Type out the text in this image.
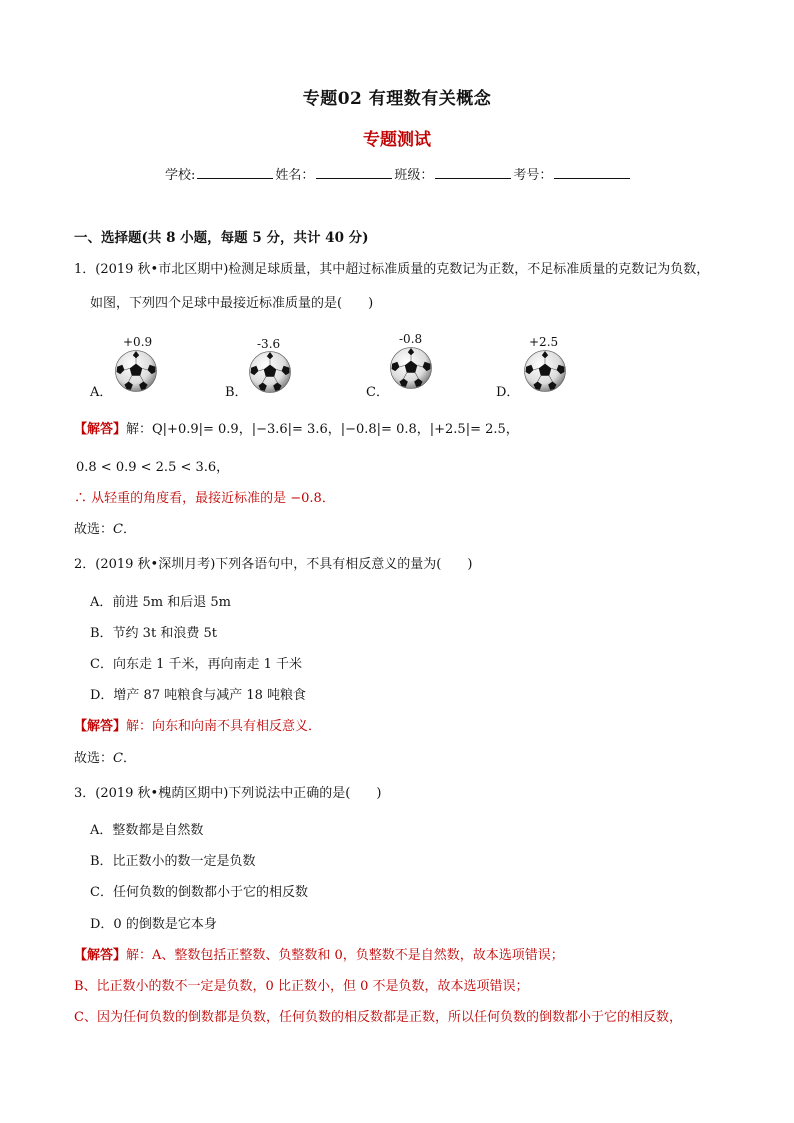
专题02 有理数有关概念
专题测试
学校:	姓名：	班级：	考号：
一、选择题(共 8 小题，每题 5 分，共计 40 分)
1．(2019 秋•市北区期中)检测足球质量，其中超过标准质量的克数记为正数，不足标准质量的克数记为负数，
如图，下列四个足球中最接近标准质量的是(　　)
A．
+0.9
B．
-3.6
C．
-0.8
D．
+2.5
【解答】解：Q|+0.9|= 0.9，|−3.6|= 3.6，|−0.8|= 0.8，|+2.5|= 2.5，
0.8 < 0.9 < 2.5 < 3.6，
∴ 从轻重的角度看，最接近标准的是 −0.8．
故选：C．
2．(2019 秋•深圳月考)下列各语句中，不具有相反意义的量为(　　)
A．前进 5m 和后退 5m
B．节约 3t 和浪费 5t
C．向东走 1 千米，再向南走 1 千米
D．增产 87 吨粮食与减产 18 吨粮食
【解答】解：向东和向南不具有相反意义．
故选：C．
3．(2019 秋•槐荫区期中)下列说法中正确的是(　　)
A．整数都是自然数
B．比正数小的数一定是负数
C．任何负数的倒数都小于它的相反数
D．0 的倒数是它本身
【解答】解：A、整数包括正整数、负整数和 0，负整数不是自然数，故本选项错误；
B、比正数小的数不一定是负数，0 比正数小，但 0 不是负数，故本选项错误；
C、因为任何负数的倒数都是负数，任何负数的相反数都是正数，所以任何负数的倒数都小于它的相反数，
